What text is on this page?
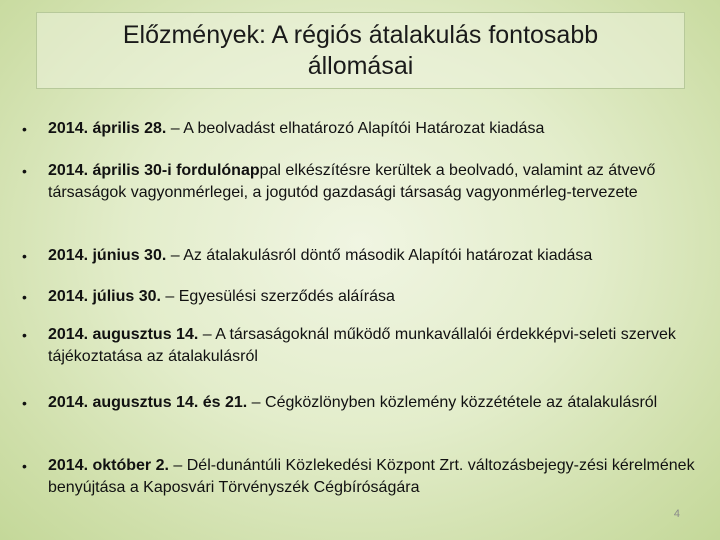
Előzmények: A régiós átalakulás fontosabb
állomásai
•	2014. április 28. – A beolvadást elhatározó Alapítói Határozat kiadása
•	2014. április 30-i fordulónappal elkészítésre kerültek a beolvadó, valamint az átvevő társaságok vagyonmérlegei, a jogutód gazdasági társaság vagyonmérleg-tervezete
•	2014. június 30. – Az átalakulásról döntő második Alapítói határozat kiadása
•	2014. július 30. – Egyesülési szerződés aláírása
•	2014. augusztus 14. – A társaságoknál működő munkavállalói érdekképvi-seleti szervek tájékoztatása az átalakulásról
•	2014. augusztus 14. és 21. – Cégközlönyben közlemény közzététele az átalakulásról
•	2014. október 2. – Dél-dunántúli Közlekedési Központ Zrt. változásbejegy-zési kérelmének benyújtása a Kaposvári Törvényszék Cégbíróságára
4
